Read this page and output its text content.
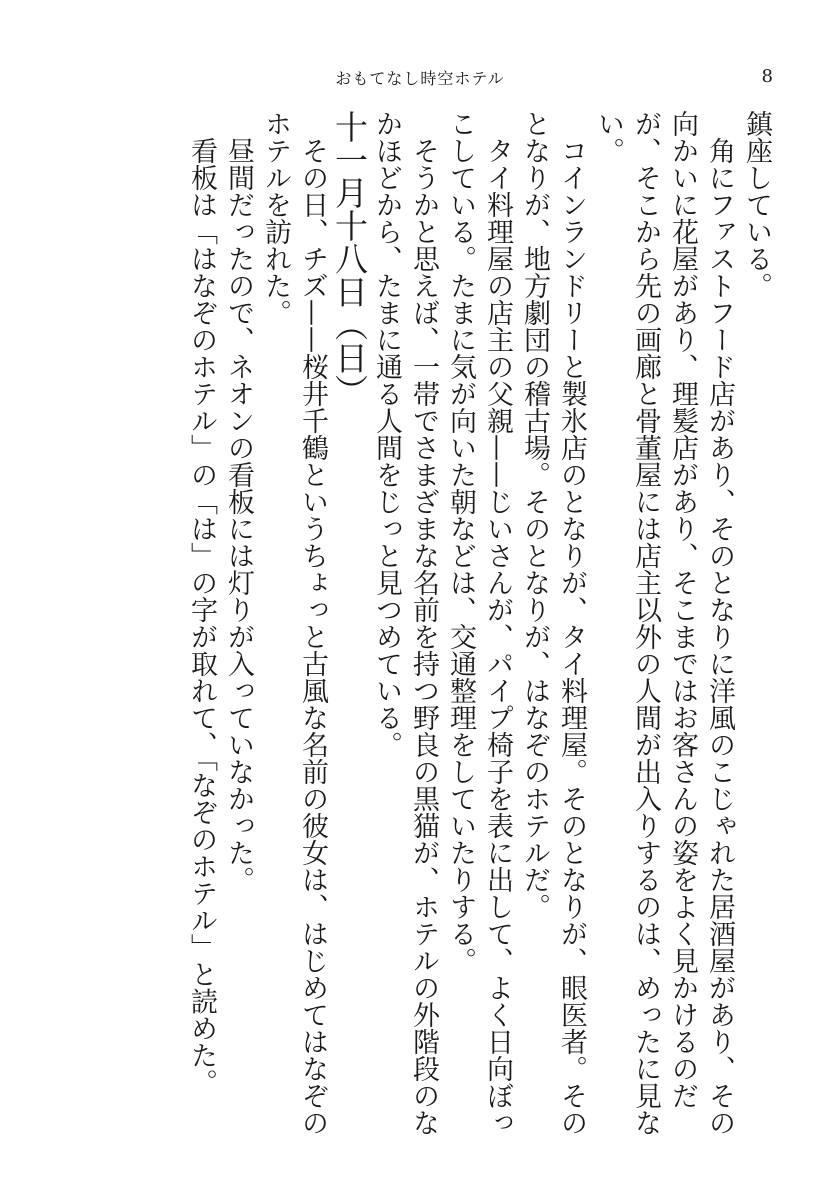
おもてなし時空ホテル	8

鎮座している。

角にファストフード店があり、そのとなりに洋風のこじゃれた居酒屋があり、その向かいに花屋があり、理髪店があり、そこまではお客さんの姿をよく見かけるのだが、そこから先の画廊と骨董屋には店主以外の人間が出入りするのは、めったに見ない。

コインランドリーと製氷店のとなりが、タイ料理屋。そのとなりが、眼医者。そのとなりが、地方劇団の稽古場。そのとなりが、はなぞのホテルだ。

タイ料理屋の店主の父親——じいさんが、パイプ椅子を表に出して、よく日向ぼっこしている。たまに気が向いた朝などは、交通整理をしていたりする。

そうかと思えば、一帯でさまざまな名前を持つ野良の黒猫が、ホテルの外階段のなかほどから、たまに通る人間をじっと見つめている。

十一月十八日（日）

その日、チズ——桜井千鶴というちょっと古風な名前の彼女は、はじめてはなぞのホテルを訪れた。

昼間だったので、ネオンの看板には灯りが入っていなかった。

看板は「はなぞのホテル」の「は」の字が取れて、「なぞのホテル」と読めた。
